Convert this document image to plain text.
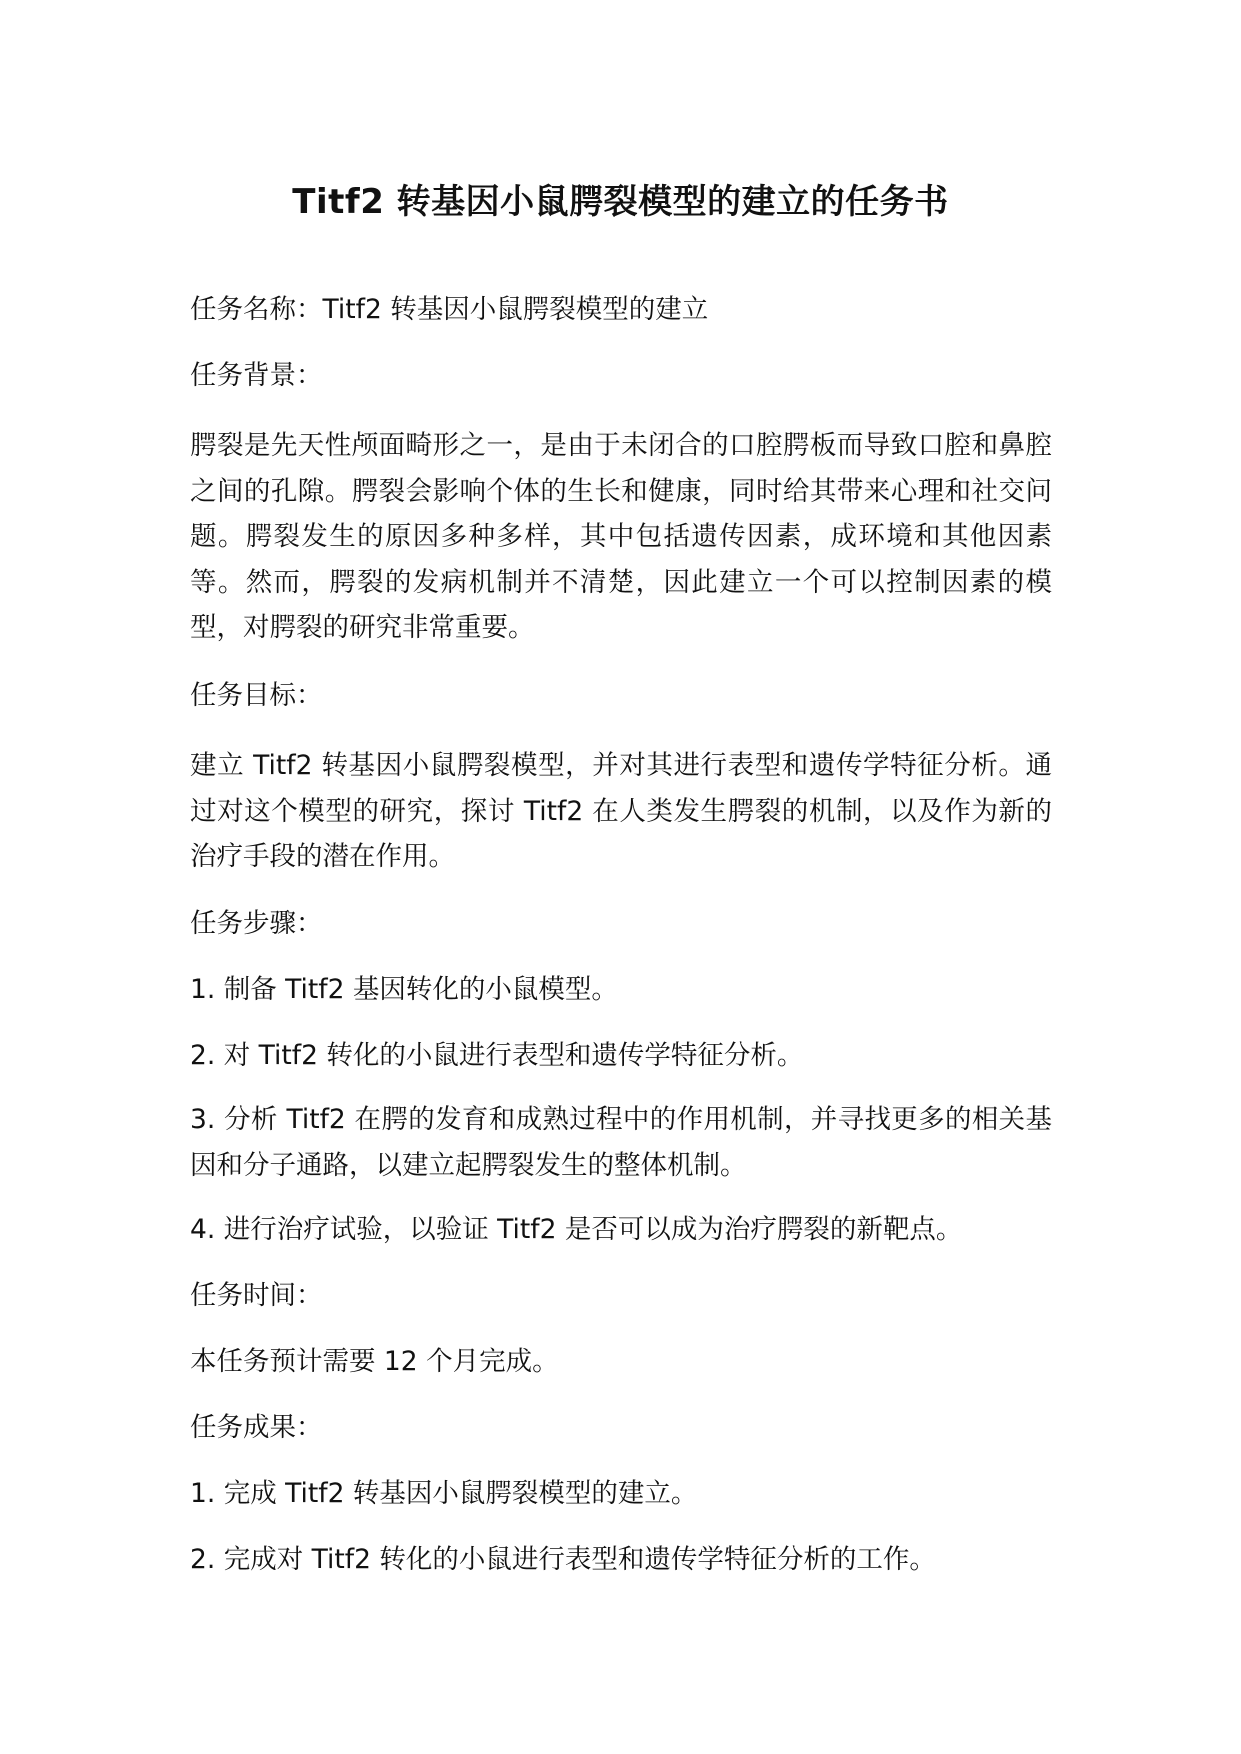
Titf2 转基因小鼠腭裂模型的建立的任务书

任务名称：Titf2 转基因小鼠腭裂模型的建立

任务背景：

腭裂是先天性颅面畸形之一，是由于未闭合的口腔腭板而导致口腔和鼻腔之间的孔隙。腭裂会影响个体的生长和健康，同时给其带来心理和社交问题。腭裂发生的原因多种多样，其中包括遗传因素，成环境和其他因素等。然而，腭裂的发病机制并不清楚，因此建立一个可以控制因素的模型，对腭裂的研究非常重要。

任务目标：

建立 Titf2 转基因小鼠腭裂模型，并对其进行表型和遗传学特征分析。通过对这个模型的研究，探讨 Titf2 在人类发生腭裂的机制，以及作为新的治疗手段的潜在作用。

任务步骤：

1. 制备 Titf2 基因转化的小鼠模型。

2. 对 Titf2 转化的小鼠进行表型和遗传学特征分析。

3. 分析 Titf2 在腭的发育和成熟过程中的作用机制，并寻找更多的相关基因和分子通路，以建立起腭裂发生的整体机制。

4. 进行治疗试验，以验证 Titf2 是否可以成为治疗腭裂的新靶点。

任务时间：

本任务预计需要 12 个月完成。

任务成果：

1. 完成 Titf2 转基因小鼠腭裂模型的建立。

2. 完成对 Titf2 转化的小鼠进行表型和遗传学特征分析的工作。
